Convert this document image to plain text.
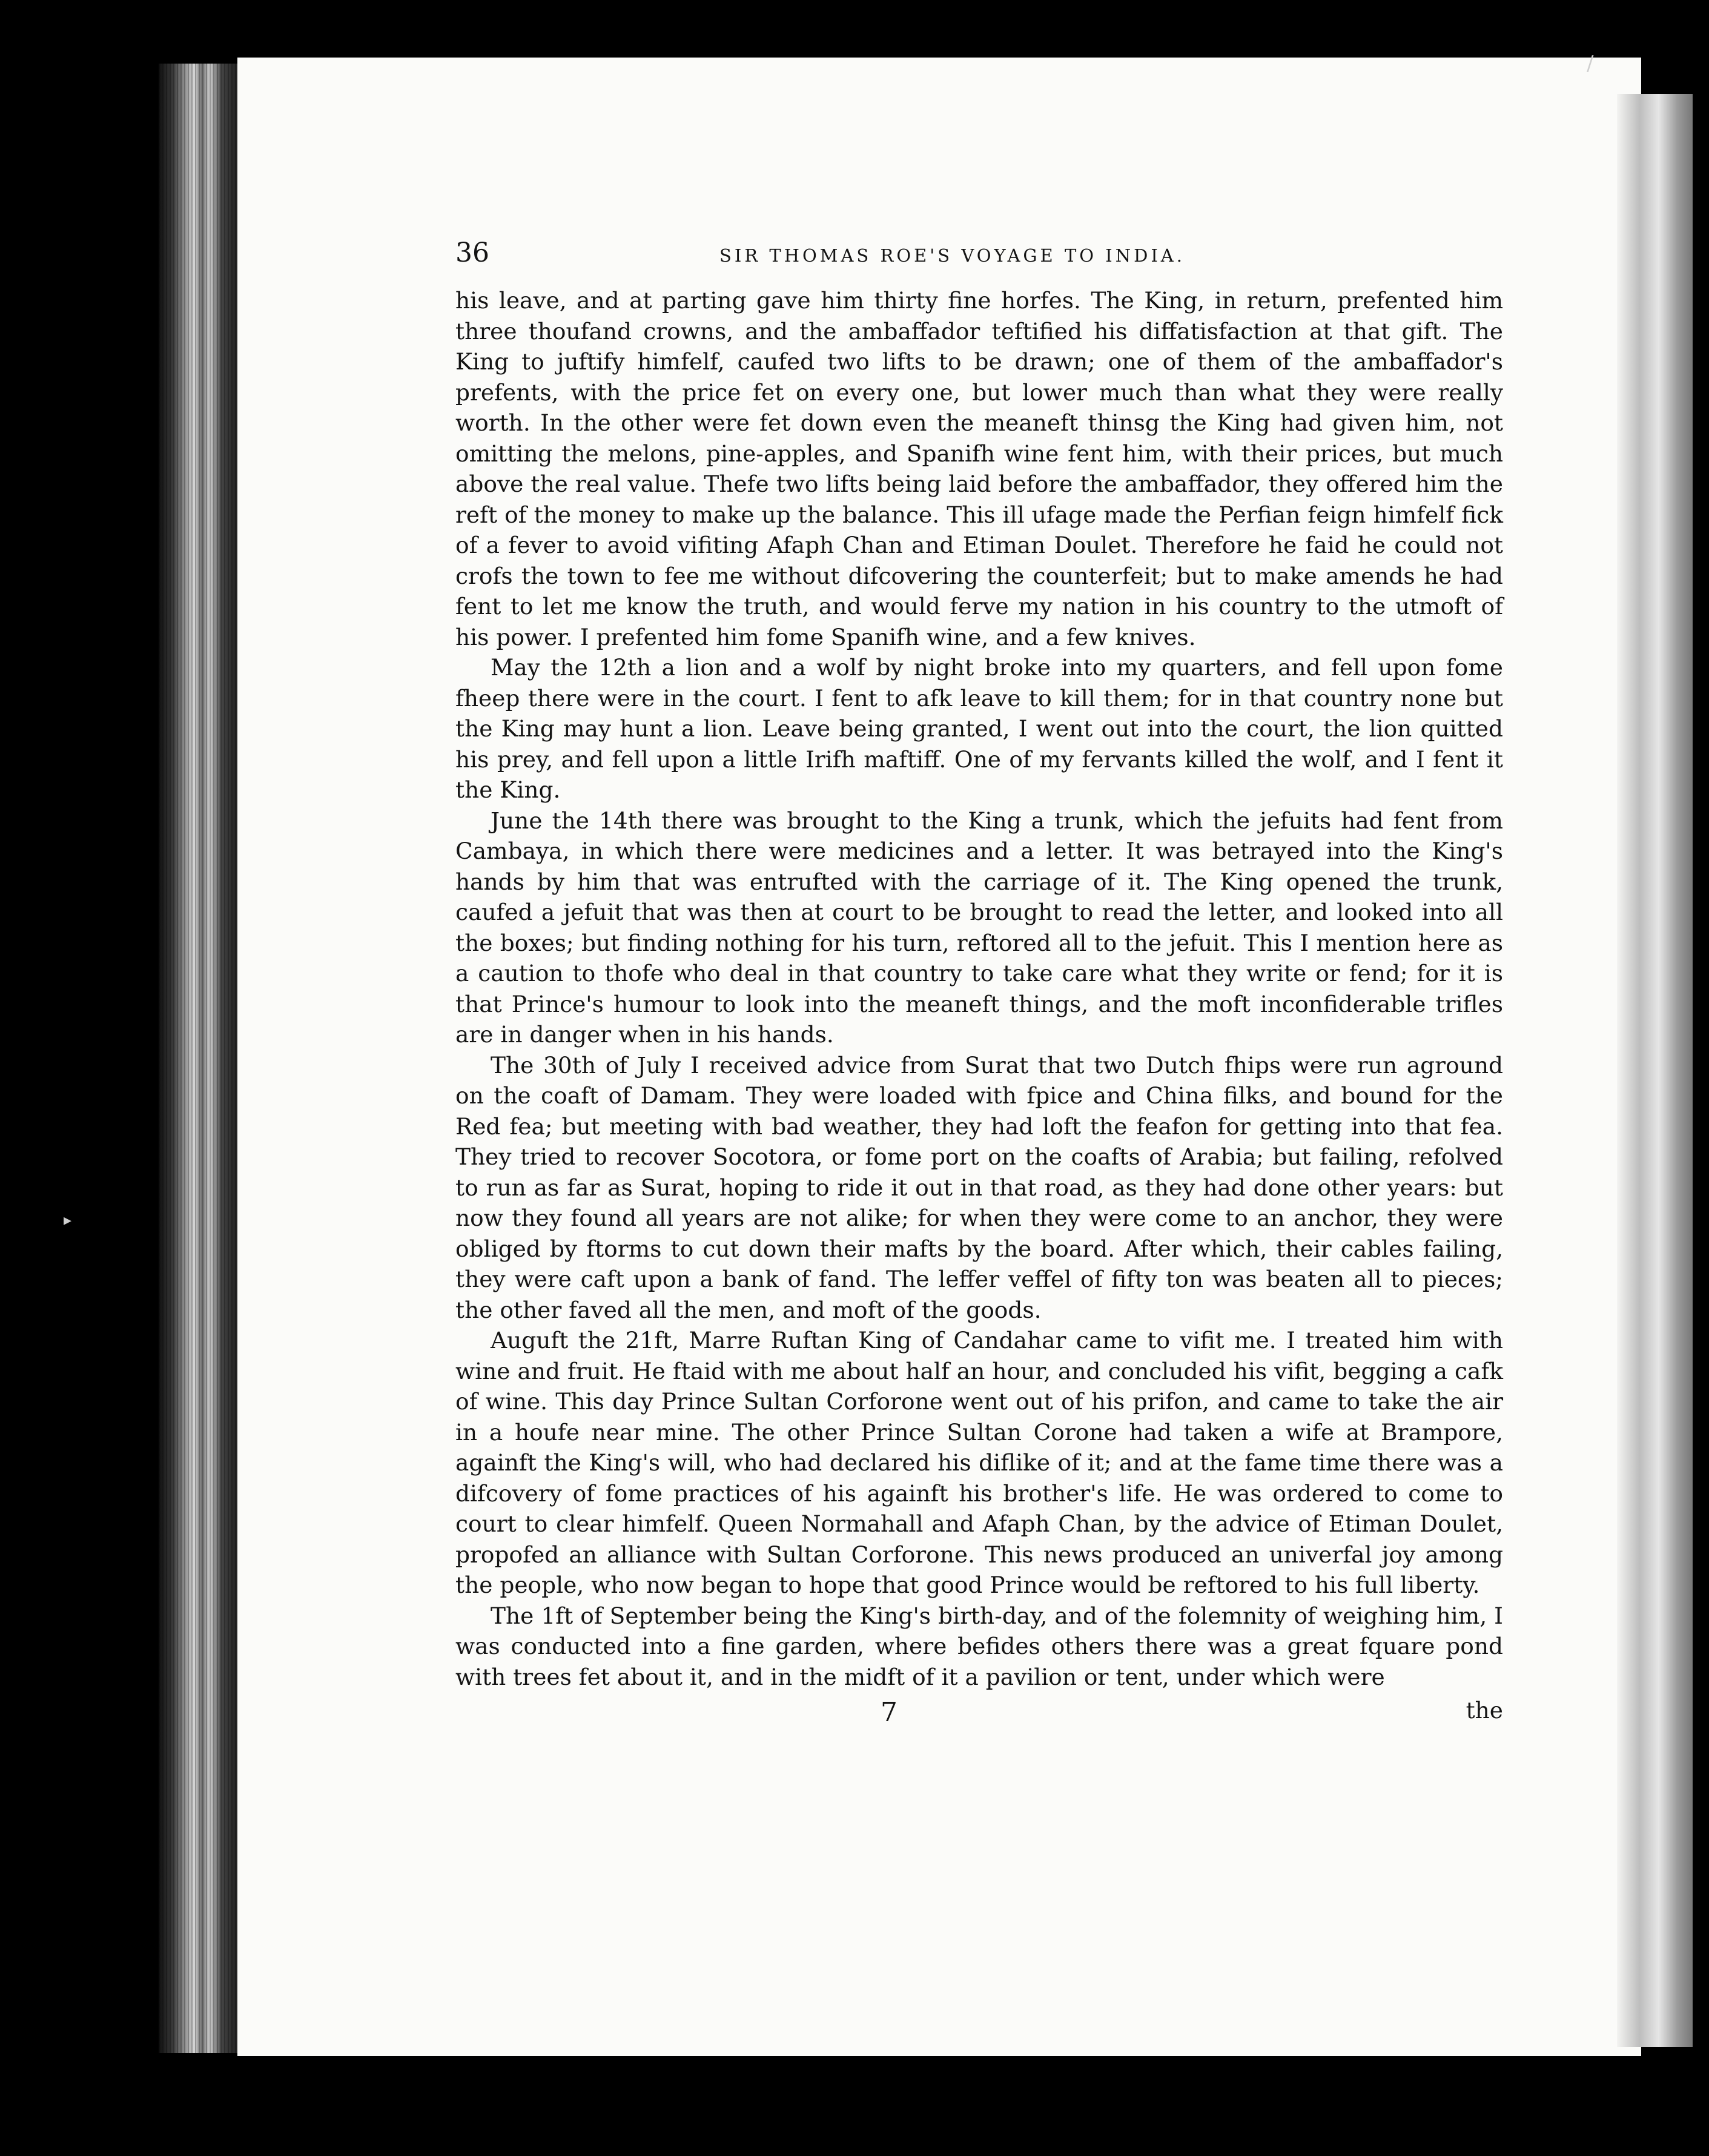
/
▸
36	SIR THOMAS ROE'S VOYAGE TO INDIA.

his leave, and at parting gave him thirty fine horfes. The King, in return, prefented him three thoufand crowns, and the ambaffador teftified his diffatisfaction at that gift. The King to juftify himfelf, caufed two lifts to be drawn; one of them of the ambaffador's prefents, with the price fet on every one, but lower much than what they were really worth. In the other were fet down even the meaneft thinsg the King had given him, not omitting the melons, pine-apples, and Spanifh wine fent him, with their prices, but much above the real value. Thefe two lifts being laid before the ambaffador, they offered him the reft of the money to make up the balance. This ill ufage made the Perfian feign himfelf fick of a fever to avoid vifiting Afaph Chan and Etiman Doulet. Therefore he faid he could not crofs the town to fee me without difcovering the counterfeit; but to make amends he had fent to let me know the truth, and would ferve my nation in his country to the utmoft of his power. I prefented him fome Spanifh wine, and a few knives.

May the 12th a lion and a wolf by night broke into my quarters, and fell upon fome fheep there were in the court. I fent to afk leave to kill them; for in that country none but the King may hunt a lion. Leave being granted, I went out into the court, the lion quitted his prey, and fell upon a little Irifh maftiff. One of my fervants killed the wolf, and I fent it the King.

June the 14th there was brought to the King a trunk, which the jefuits had fent from Cambaya, in which there were medicines and a letter. It was betrayed into the King's hands by him that was entrufted with the carriage of it. The King opened the trunk, caufed a jefuit that was then at court to be brought to read the letter, and looked into all the boxes; but finding nothing for his turn, reftored all to the jefuit. This I mention here as a caution to thofe who deal in that country to take care what they write or fend; for it is that Prince's humour to look into the meaneft things, and the moft inconfiderable trifles are in danger when in his hands.

The 30th of July I received advice from Surat that two Dutch fhips were run aground on the coaft of Damam. They were loaded with fpice and China filks, and bound for the Red fea; but meeting with bad weather, they had loft the feafon for getting into that fea. They tried to recover Socotora, or fome port on the coafts of Arabia; but failing, refolved to run as far as Surat, hoping to ride it out in that road, as they had done other years: but now they found all years are not alike; for when they were come to an anchor, they were obliged by ftorms to cut down their mafts by the board. After which, their cables failing, they were caft upon a bank of fand. The leffer veffel of fifty ton was beaten all to pieces; the other faved all the men, and moft of the goods.

Auguft the 21ft, Marre Ruftan King of Candahar came to vifit me. I treated him with wine and fruit. He ftaid with me about half an hour, and concluded his vifit, begging a cafk of wine. This day Prince Sultan Corforone went out of his prifon, and came to take the air in a houfe near mine. The other Prince Sultan Corone had taken a wife at Brampore, againft the King's will, who had declared his diflike of it; and at the fame time there was a difcovery of fome practices of his againft his brother's life. He was ordered to come to court to clear himfelf. Queen Normahall and Afaph Chan, by the advice of Etiman Doulet, propofed an alliance with Sultan Corforone. This news produced an univerfal joy among the people, who now began to hope that good Prince would be reftored to his full liberty.

The 1ft of September being the King's birth-day, and of the folemnity of weighing him, I was conducted into a fine garden, where befides others there was a great fquare pond with trees fet about it, and in the midft of it a pavilion or tent, under which were

7	the
